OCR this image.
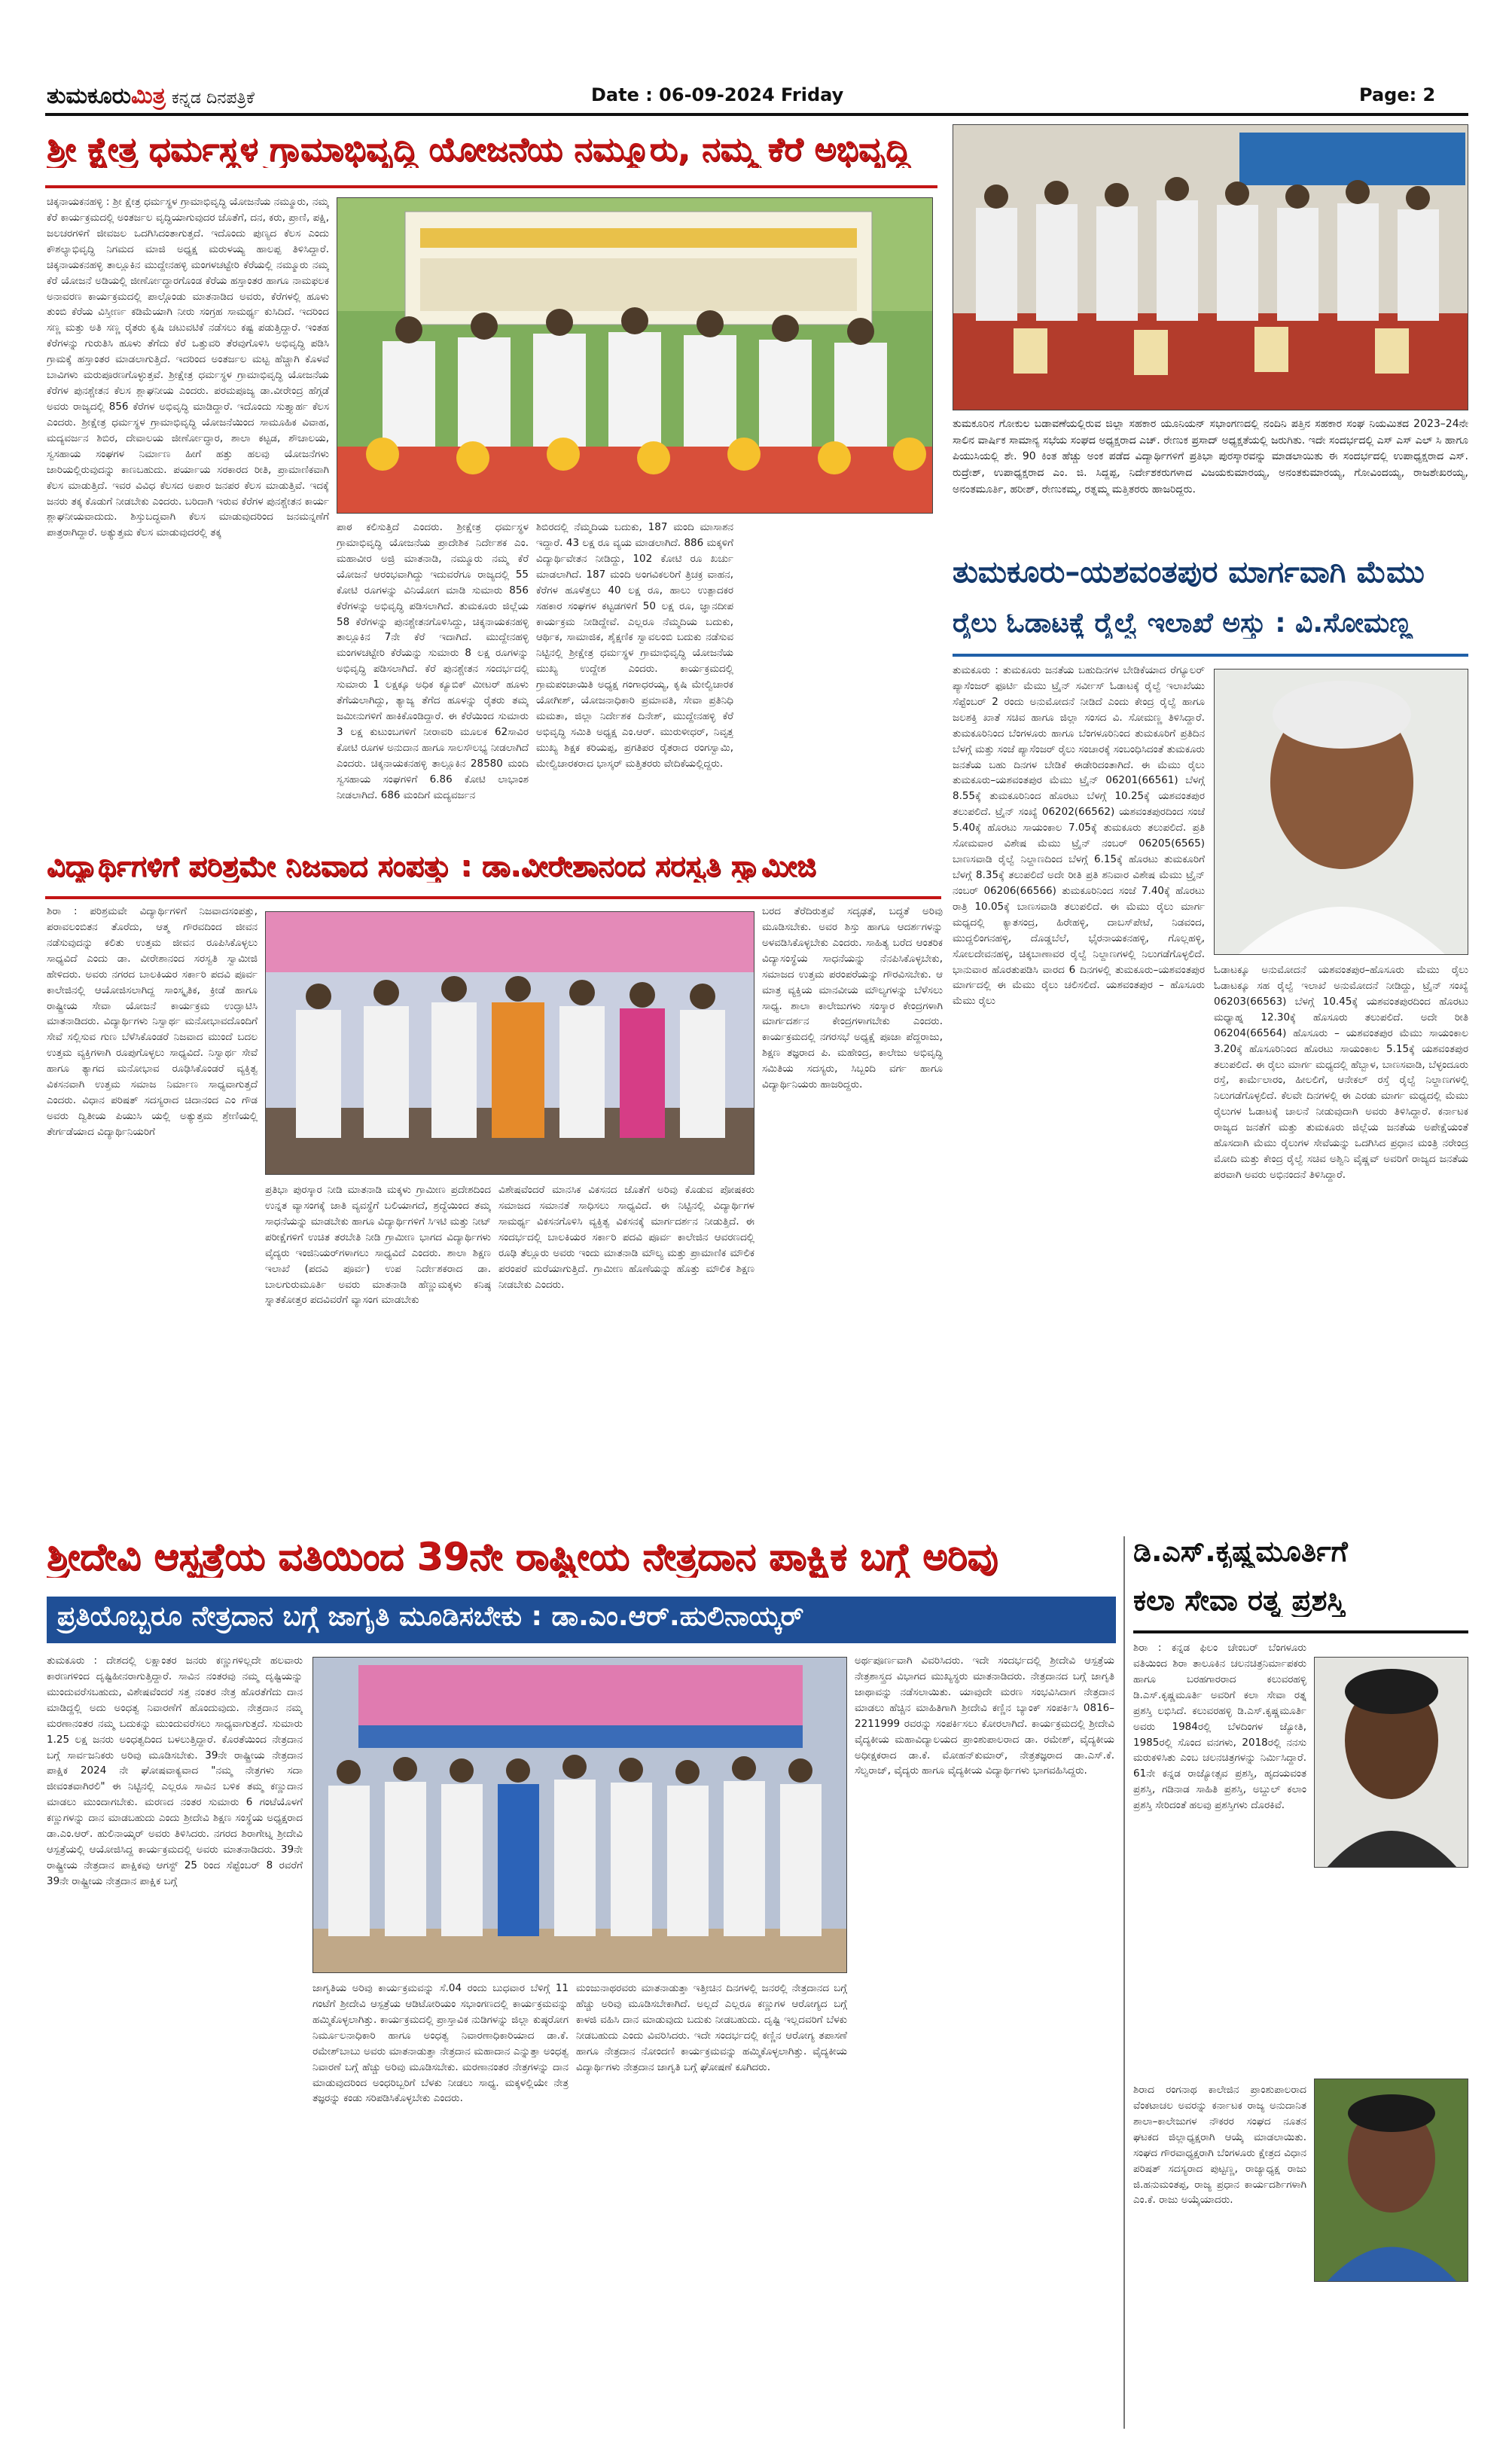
ತುಮಕೂರುಮಿತ್ರ ಕನ್ನಡ ದಿನಪತ್ರಿಕೆ	Date : 06-09-2024 Friday	Page: 2
ಶ್ರೀ ಕ್ಷೇತ್ರ ಧರ್ಮಸ್ಥಳ ಗ್ರಾಮಾಭಿವೃದ್ಧಿ ಯೋಜನೆಯ ನಮ್ಮೂರು, ನಮ್ಮ ಕೆರೆ ಅಭಿವೃದ್ಧಿ
ಚಿಕ್ಕನಾಯಕನಹಳ್ಳಿ : ಶ್ರೀ ಕ್ಷೇತ್ರ ಧರ್ಮಸ್ಥಳ ಗ್ರಾಮಾಭಿವೃದ್ಧಿ ಯೋಜನೆಯ ನಮ್ಮೂರು, ನಮ್ಮ ಕೆರೆ ಕಾರ್ಯಕ್ರಮದಲ್ಲಿ ಅಂತರ್ಜಲ ವೃದ್ಧಿಯಾಗುವುದರ ಜೊತೆಗೆ, ದನ, ಕರು, ಪ್ರಾಣಿ, ಪಕ್ಷಿ, ಜಲಚರಗಳಿಗೆ ಜೀವಜಲ ಒದಗಿಸಿದಂತಾಗುತ್ತದೆ. ಇದೊಂದು ಪುಣ್ಯದ ಕೆಲಸ ಎಂದು ಕೌಶಲ್ಯಾಭಿವೃದ್ಧಿ ನಿಗಮದ ಮಾಜಿ ಅಧ್ಯಕ್ಷ ಮರುಳಯ್ಯ ಹಾಲಪ್ಪ ತಿಳಿಸಿದ್ದಾರೆ. ಚಿಕ್ಕನಾಯಕನಹಳ್ಳಿ ತಾಲ್ಲೂಕಿನ ಮುದ್ದೇನಹಳ್ಳಿ ಮಂಗಳಚಟ್ಟೇರಿ ಕೆರೆಯಲ್ಲಿ ನಮ್ಮೂರು ನಮ್ಮ ಕೆರೆ ಯೋಜನೆ ಅಡಿಯಲ್ಲಿ ಜೀರ್ಣೋದ್ಧಾರಗೊಂಡ ಕೆರೆಯ ಹಸ್ತಾಂತರ ಹಾಗೂ ನಾಮಫಲಕ ಅನಾವರಣ ಕಾರ್ಯಕ್ರಮದಲ್ಲಿ ಪಾಲ್ಗೊಂಡು ಮಾತನಾಡಿದ ಅವರು, ಕೆರೆಗಳಲ್ಲಿ ಹೂಳು ತುಂಬಿ ಕೆರೆಯ ವಿಸ್ತೀರ್ಣ ಕಡಿಮೆಯಾಗಿ ನೀರು ಸಂಗ್ರಹ ಸಾಮರ್ಥ್ಯ ಕುಸಿದಿದೆ. ಇದರಿಂದ ಸಣ್ಣ ಮತ್ತು ಅತಿ ಸಣ್ಣ ರೈತರು ಕೃಷಿ ಚಟುವಟಿಕೆ ನಡೆಸಲು ಕಷ್ಟ ಪಡುತ್ತಿದ್ದಾರೆ. ಇಂತಹ ಕೆರೆಗಳನ್ನು ಗುರುತಿಸಿ ಹೂಳು ತೆಗೆದು ಕೆರೆ ಒತ್ತುವರಿ ತೆರವುಗೊಳಿಸಿ ಅಭಿವೃದ್ಧಿ ಪಡಿಸಿ ಗ್ರಾಮಕ್ಕೆ ಹಸ್ತಾಂತರ ಮಾಡಲಾಗುತ್ತಿದೆ. ಇದರಿಂದ ಅಂತರ್ಜಲ ಮಟ್ಟ ಹೆಚ್ಚಾಗಿ ಕೊಳವೆ ಬಾವಿಗಳು ಮರುಪೂರಣಗೊಳ್ಳುತ್ತವೆ. ಶ್ರೀಕ್ಷೇತ್ರ ಧರ್ಮಸ್ಥಳ ಗ್ರಾಮಾಭಿವೃದ್ಧಿ ಯೋಜನೆಯ ಕೆರೆಗಳ ಪುನಶ್ಚೇತನ ಕೆಲಸ ಶ್ಲಾಘನೀಯ ಎಂದರು. ಪರಮಪೂಜ್ಯ ಡಾ.ವೀರೇಂದ್ರ ಹೆಗ್ಗಡೆ ಅವರು ರಾಜ್ಯದಲ್ಲಿ 856 ಕೆರೆಗಳ ಅಭಿವೃದ್ಧಿ ಮಾಡಿದ್ದಾರೆ. ಇದೊಂದು ಸುತ್ತ್ಯಾರ್ಹ ಕೆಲಸ ಎಂದರು. ಶ್ರೀಕ್ಷೇತ್ರ ಧರ್ಮಸ್ಥಳ ಗ್ರಾಮಾಭಿವೃದ್ಧಿ ಯೋಜನೆಯಿಂದ ಸಾಮೂಹಿಕ ವಿವಾಹ, ಮದ್ಯವರ್ಜನ ಶಿಬಿರ, ದೇವಾಲಯ ಜೀರ್ಣೋದ್ಧಾರ, ಶಾಲಾ ಕಟ್ಟಡ, ಶೌಚಾಲಯ, ಸ್ವಸಹಾಯ ಸಂಘಗಳ ನಿರ್ಮಾಣ ಹೀಗೆ ಹತ್ತು ಹಲವು ಯೋಜನೆಗಳು ಜಾರಿಯಲ್ಲಿರುವುದನ್ನು ಕಾಣಬಹುದು. ಪರ್ಯಾಯ ಸರಕಾರದ ರೀತಿ, ಪ್ರಾಮಾಣಿಕವಾಗಿ ಕೆಲಸ ಮಾಡುತ್ತಿದೆ. ಇವರ ವಿವಿಧ ಕೆಲಸದ ಅಪಾರ ಜನಪರ ಕೆಲಸ ಮಾಡುತ್ತಿವೆ. ಇದಕ್ಕೆ ಜನರು ತಕ್ಕ ಕೊಡುಗೆ ನೀಡಬೇಕು ಎಂದರು. ಬರಿದಾಗಿ ಇರುವ ಕೆರೆಗಳ ಪುನಶ್ಚೇತನ ಕಾರ್ಯ ಶ್ಲಾಘನೀಯವಾದುದು. ಶಿಸ್ತುಬದ್ಧವಾಗಿ ಕೆಲಸ ಮಾಡುವುದರಿಂದ ಜನಮನ್ನಣೆಗೆ ಪಾತ್ರರಾಗಿದ್ದಾರೆ. ಅತ್ಯುತ್ತಮ ಕೆಲಸ ಮಾಡುವುದರಲ್ಲಿ ತಕ್ಕ	ಪಾಠ ಕಲಿಸುತ್ತಿದೆ ಎಂದರು. ಶ್ರೀಕ್ಷೇತ್ರ ಧರ್ಮಸ್ಥಳ ಗ್ರಾಮಾಭಿವೃದ್ಧಿ ಯೋಜನೆಯ ಪ್ರಾದೇಶಿಕ ನಿರ್ದೇಶಕ ಎಂ. ಮಹಾವೀರ ಅಜ್ರಿ ಮಾತನಾಡಿ, ನಮ್ಮೂರು ನಮ್ಮ ಕೆರೆ ಯೋಜನೆ ಆರಂಭವಾಗಿದ್ದು ಇದುವರೆಗೂ ರಾಜ್ಯದಲ್ಲಿ 55 ಕೋಟಿ ರೂಗಳನ್ನು ವಿನಿಯೋಗ ಮಾಡಿ ಸುಮಾರು 856 ಕೆರೆಗಳನ್ನು ಅಭಿವೃದ್ಧಿ ಪಡಿಸಲಾಗಿದೆ. ತುಮಕೂರು ಜಿಲ್ಲೆಯ 58 ಕೆರೆಗಳನ್ನು ಪುನಶ್ಚೇತನಗೊಳಿಸಿದ್ದು, ಚಿಕ್ಕನಾಯಕನಹಳ್ಳಿ ತಾಲ್ಲೂಕಿನ 7ನೇ ಕೆರೆ ಇದಾಗಿದೆ. ಮುದ್ದೇನಹಳ್ಳಿ ಮಂಗಳಚಟ್ಟೇರಿ ಕೆರೆಯನ್ನು ಸುಮಾರು 8 ಲಕ್ಷ ರೂಗಳನ್ನು ಅಭಿವೃದ್ಧಿ ಪಡಿಸಲಾಗಿದೆ. ಕೆರೆ ಪುನಶ್ಚೇತನ ಸಂದರ್ಭದಲ್ಲಿ ಸುಮಾರು 1 ಲಕ್ಷಕ್ಕೂ ಅಧಿಕ ಕ್ಯೂಬಿಕ್ ಮೀಟರ್ ಹೂಳು ತೆಗೆಯಲಾಗಿದ್ದು, ತ್ಯಾಜ್ಯ ತೆಗೆದ ಹೂಳನ್ನು ರೈತರು ತಮ್ಮ ಜಮೀನುಗಳಿಗೆ ಹಾಕಿಕೊಂಡಿದ್ದಾರೆ. ಈ ಕೆರೆಯಿಂದ ಸುಮಾರು 3 ಲಕ್ಷ ಕುಟುಂಬಗಳಿಗೆ ನೀರಾವರಿ ಮೂಲಕ 62ಸಾವಿರ ಕೋಟಿ ರೂಗಳ ಅನುದಾನ ಹಾಗೂ ಸಾಲಸೌಲಭ್ಯ ನೀಡಲಾಗಿದೆ ಎಂದರು. ಚಿಕ್ಕನಾಯಕನಹಳ್ಳಿ ತಾಲ್ಲೂಕಿನ 28580 ಮಂದಿ ಸ್ವಸಹಾಯ ಸಂಘಗಳಿಗೆ 6.86 ಕೋಟಿ ಲಾಭಾಂಶ ನೀಡಲಾಗಿದೆ. 686 ಮಂದಿಗೆ ಮದ್ಯವರ್ಜನ
ಶಿಬಿರದಲ್ಲಿ ನೆಮ್ಮದಿಯ ಬದುಕು, 187 ಮಂದಿ ಮಾಸಾಶನ ಇದ್ದಾರೆ. 43 ಲಕ್ಷ ರೂ ವ್ಯಯ ಮಾಡಲಾಗಿದೆ. 886 ಮಕ್ಕಳಿಗೆ ವಿದ್ಯಾರ್ಥಿವೇತನ ನೀಡಿದ್ದು, 102 ಕೋಟಿ ರೂ ಖರ್ಚು ಮಾಡಲಾಗಿದೆ. 187 ಮಂದಿ ಅಂಗವಿಕಲರಿಗೆ ತ್ರಿಚಕ್ರ ವಾಹನ, ಕೆರೆಗಳ ಹೂಳೆತ್ತಲು 40 ಲಕ್ಷ ರೂ, ಹಾಲು ಉತ್ಪಾದಕರ ಸಹಕಾರ ಸಂಘಗಳ ಕಟ್ಟಡಗಳಿಗೆ 50 ಲಕ್ಷ ರೂ, ಜ್ಞಾನದೀಪ ಕಾರ್ಯಕ್ರಮ ನೀಡಿದ್ದೇವೆ. ಎಲ್ಲರೂ ನೆಮ್ಮದಿಯ ಬದುಕು, ಆರ್ಥಿಕ, ಸಾಮಾಜಿಕ, ಶೈಕ್ಷಣಿಕ ಸ್ವಾವಲಂಬಿ ಬದುಕು ನಡೆಸುವ ನಿಟ್ಟಿನಲ್ಲಿ ಶ್ರೀಕ್ಷೇತ್ರ ಧರ್ಮಸ್ಥಳ ಗ್ರಾಮಾಭಿವೃದ್ಧಿ ಯೋಜನೆಯ ಮುಖ್ಯ ಉದ್ದೇಶ ಎಂದರು. ಕಾರ್ಯಕ್ರಮದಲ್ಲಿ ಗ್ರಾಮಪಂಚಾಯಿತಿ ಅಧ್ಯಕ್ಷ ಗಂಗಾಧರಯ್ಯ, ಕೃಷಿ ಮೇಲ್ವಿಚಾರಕ ಯೋಗೀಶ್, ಯೋಜನಾಧಿಕಾರಿ ಪ್ರಮಾವತಿ, ಸೇವಾ ಪ್ರತಿನಿಧಿ ಮಮತಾ, ಜಿಲ್ಲಾ ನಿರ್ದೇಶಕ ದಿನೇಶ್, ಮುದ್ದೇನಹಳ್ಳಿ ಕೆರೆ ಅಭಿವೃದ್ಧಿ ಸಮಿತಿ ಅಧ್ಯಕ್ಷ ಎಂ.ಆರ್. ಮುರುಳೀಧರ್, ನಿವೃತ್ತ ಮುಖ್ಯ ಶಿಕ್ಷಕ ಕರಿಯಪ್ಪ, ಪ್ರಗತಿಪರ ರೈತರಾದ ರಂಗಸ್ವಾಮಿ, ಮೇಲ್ವಿಚಾರಕರಾದ ಭಾಸ್ಕರ್ ಮತ್ತಿತರರು ವೇದಿಕೆಯಲ್ಲಿದ್ದರು.
ತುಮಕೂರಿನ ಗೋಕುಲ ಬಡಾವಣೆಯಲ್ಲಿರುವ ಜಿಲ್ಲಾ ಸಹಕಾರ ಯೂನಿಯನ್ ಸಭಾಂಗಣದಲ್ಲಿ ನಂದಿನಿ ಪತ್ತಿನ ಸಹಕಾರ ಸಂಘ ನಿಯಮಿತದ 2023–24ನೇ ಸಾಲಿನ ವಾರ್ಷಿಕ ಸಾಮಾನ್ಯ ಸಭೆಯ ಸಂಘದ ಅಧ್ಯಕ್ಷರಾದ ಎಚ್. ರೇಣುಕ ಪ್ರಸಾದ್ ಅಧ್ಯಕ್ಷತೆಯಲ್ಲಿ ಜರುಗಿತು. ಇದೇ ಸಂದರ್ಭದಲ್ಲಿ ಎಸ್ ಎಸ್ ಎಲ್ ಸಿ ಹಾಗೂ ಪಿಯುಸಿಯಲ್ಲಿ ಶೇ. 90 ಕಿಂತ ಹೆಚ್ಚು ಅಂಕ ಪಡೆದ ವಿದ್ಯಾರ್ಥಿಗಳಿಗೆ ಪ್ರತಿಭಾ ಪುರಸ್ಕಾರವನ್ನು ಮಾಡಲಾಯಿತು ಈ ಸಂದರ್ಭದಲ್ಲಿ ಉಪಾಧ್ಯಕ್ಷರಾದ ಎಸ್. ರುದ್ರೇಶ್, ಉಪಾಧ್ಯಕ್ಷರಾದ ಎಂ. ಜಿ. ಸಿದ್ದಪ್ಪ, ನಿರ್ದೇಶಕರುಗಳಾದ ವಿಜಯಕುಮಾರಯ್ಯ, ಅನಂತಕುಮಾರಯ್ಯ, ಗೋವಿಂದಯ್ಯ, ರಾಜಶೇಖರಯ್ಯ, ಅನಂತಮೂರ್ತಿ, ಹರೀಶ್, ರೇಣುಕಮ್ಮ, ರತ್ನಮ್ಮ ಮತ್ತಿತರರು ಹಾಜರಿದ್ದರು.
ತುಮಕೂರು–ಯಶವಂತಪುರ ಮಾರ್ಗವಾಗಿ ಮೆಮು
ರೈಲು ಓಡಾಟಕ್ಕೆ ರೈಲ್ವೆ ಇಲಾಖೆ ಅಸ್ತು : ವಿ.ಸೋಮಣ್ಣ
ತುಮಕೂರು : ತುಮಕೂರು ಜನತೆಯ ಬಹುದಿನಗಳ ಬೇಡಿಕೆಯಾದ ರೆಗ್ಯೂಲರ್ ಪ್ಯಾಸೆಂಜರ್ ಫೂರ್ಟಿ ಮೆಮು ಟ್ರೈನ್ ಸರ್ವೀಸ್ ಓಡಾಟಕ್ಕೆ ರೈಲ್ವೆ ಇಲಾಖೆಯು ಸೆಪ್ಟೆಂಬರ್ 2 ರಂದು ಅನುಮೋದನೆ ನೀಡಿದೆ ಎಂದು ಕೇಂದ್ರ ರೈಲ್ವೆ ಹಾಗೂ ಜಲಶಕ್ತಿ ಖಾತೆ ಸಚಿವ ಹಾಗೂ ಜಿಲ್ಲಾ ಸಂಸದ ವಿ. ಸೋಮಣ್ಣ ತಿಳಿಸಿದ್ದಾರೆ. ತುಮಕೂರಿನಿಂದ ಬೆಂಗಳೂರು ಹಾಗೂ ಬೆಂಗಳೂರಿನಿಂದ ತುಮಕೂರಿಗೆ ಪ್ರತಿದಿನ ಬೆಳಗ್ಗೆ ಮತ್ತು ಸಂಜೆ ಪ್ಯಾಸೆಂಜರ್ ರೈಲು ಸಂಚಾರಕ್ಕೆ ಸಂಬಂಧಿಸಿದಂತೆ ತುಮಕೂರು ಜನತೆಯ ಬಹು ದಿನಗಳ ಬೇಡಿಕೆ ಈಡೇರಿದಂತಾಗಿದೆ. ಈ ಮೆಮು ರೈಲು ತುಮಕೂರು–ಯಶವಂತಪುರ ಮೆಮು ಟ್ರೈನ್ 06201(66561) ಬೆಳಗ್ಗೆ 8.55ಕ್ಕೆ ತುಮಕೂರಿನಿಂದ ಹೊರಟು ಬೆಳಗ್ಗೆ 10.25ಕ್ಕೆ ಯಶವಂತಪುರ ತಲುಪಲಿದೆ. ಟ್ರೈನ್ ಸಂಖ್ಯೆ 06202(66562) ಯಶವಂತಪುರದಿಂದ ಸಂಜೆ 5.40ಕ್ಕೆ ಹೊರಟು ಸಾಯಂಕಾಲ 7.05ಕ್ಕೆ ತುಮಕೂರು ತಲುಪಲಿದೆ. ಪ್ರತಿ ಸೋಮವಾರ ವಿಶೇಷ ಮೆಮು ಟ್ರೈನ್ ನಂಬರ್ 06205(6565) ಬಾಣಸವಾಡಿ ರೈಲ್ವೆ ನಿಲ್ದಾಣದಿಂದ ಬೆಳಗ್ಗೆ 6.15ಕ್ಕೆ ಹೊರಟು ತುಮಕೂರಿಗೆ ಬೆಳಗ್ಗೆ 8.35ಕ್ಕೆ ತಲುಪಲಿದೆ ಅದೇ ರೀತಿ ಪ್ರತಿ ಶನಿವಾರ ವಿಶೇಷ ಮೆಮು ಟ್ರೈನ್ ನಂಬರ್ 06206(66566) ತುಮಕೂರಿನಿಂದ ಸಂಜೆ 7.40ಕ್ಕೆ ಹೊರಟು ರಾತ್ರಿ 10.05ಕ್ಕೆ ಬಾಣಸವಾಡಿ ತಲುಪಲಿದೆ. ಈ ಮೆಮು ರೈಲು ಮಾರ್ಗ ಮಧ್ಯದಲ್ಲಿ ಕ್ಯಾತಸಂದ್ರ, ಹಿರೇಹಳ್ಳಿ, ದಾಬಸ್‌ಪೇಟೆ, ನಿಡವಂದ, ಮುದ್ದಲಿಂಗನಹಳ್ಳಿ, ದೊಡ್ಡಬೆಲೆ, ಭೈರನಾಯಕನಹಳ್ಳಿ, ಗೊಲ್ಲಹಳ್ಳಿ, ಸೋಲದೇವನಹಳ್ಳಿ, ಚಿಕ್ಕಬಾಣಾವರ ರೈಲ್ವೆ ನಿಲ್ದಾಣಗಳಲ್ಲಿ ನಿಲುಗಡೆಗೊಳ್ಳಲಿದೆ. ಭಾನುವಾರ ಹೊರತುಪಡಿಸಿ ವಾರದ 6 ದಿನಗಳಲ್ಲಿ ತುಮಕೂರು–ಯಶವಂತಪುರ ಮಾರ್ಗದಲ್ಲಿ ಈ ಮೆಮು ರೈಲು ಚಲಿಸಲಿದೆ. ಯಶವಂತಪುರ – ಹೊಸೂರು ಮೆಮು ರೈಲು
ಓಡಾಟಕ್ಕೂ ಅನುಮೋದನೆ ಯಶವಂತಪುರ–ಹೊಸೂರು ಮೆಮು ರೈಲು ಓಡಾಟಕ್ಕೂ ಸಹ ರೈಲ್ವೆ ಇಲಾಖೆ ಅನುಮೋದನೆ ನೀಡಿದ್ದು, ಟ್ರೈನ್ ಸಂಖ್ಯೆ 06203(66563) ಬೆಳಗ್ಗೆ 10.45ಕ್ಕೆ ಯಶವಂತಪುರದಿಂದ ಹೊರಟು ಮಧ್ಯಾಹ್ನ 12.30ಕ್ಕೆ ಹೊಸೂರು ತಲುಪಲಿದೆ. ಅದೇ ರೀತಿ 06204(66564) ಹೊಸೂರು – ಯಶವಂತಪುರ ಮೆಮು ಸಾಯಂಕಾಲ 3.20ಕ್ಕೆ ಹೊಸೂರಿನಿಂದ ಹೊರಟು ಸಾಯಂಕಾಲ 5.15ಕ್ಕೆ ಯಶವಂತಪುರ ತಲುಪಲಿದೆ. ಈ ರೈಲು ಮಾರ್ಗ ಮಧ್ಯದಲ್ಲಿ ಹೆಬ್ಬಾಳ, ಬಾಣಸವಾಡಿ, ಬೆಳ್ಳಂದೂರು ರಸ್ತೆ, ಕಾರ್ಮೆಲಾರಂ, ಹೀಲಲಿಗೆ, ಆನೇಕಲ್ ರಸ್ತೆ ರೈಲ್ವೆ ನಿಲ್ದಾಣಗಳಲ್ಲಿ ನಿಲುಗಡೆಗೊಳ್ಳಲಿದೆ. ಕೆಲವೇ ದಿನಗಳಲ್ಲಿ ಈ ಎರಡು ಮಾರ್ಗ ಮಧ್ಯದಲ್ಲಿ ಮೆಮು ರೈಲುಗಳ ಓಡಾಟಕ್ಕೆ ಚಾಲನೆ ನೀಡುವುದಾಗಿ ಅವರು ತಿಳಿಸಿದ್ದಾರೆ. ಕರ್ನಾಟಕ ರಾಜ್ಯದ ಜನತೆಗೆ ಮತ್ತು ತುಮಕೂರು ಜಿಲ್ಲೆಯ ಜನತೆಯ ಅಪೇಕ್ಷೆಯಂತೆ ಹೊಸದಾಗಿ ಮೆಮು ರೈಲುಗಳ ಸೇವೆಯನ್ನು ಒದಗಿಸಿದ ಪ್ರಧಾನ ಮಂತ್ರಿ ನರೇಂದ್ರ ಮೋದಿ ಮತ್ತು ಕೇಂದ್ರ ರೈಲ್ವೆ ಸಚಿವ ಅಶ್ವಿನಿ ವೈಷ್ಣವ್ ಅವರಿಗೆ ರಾಜ್ಯದ ಜನತೆಯ ಪರವಾಗಿ ಅವರು ಅಭಿನಂದನೆ ತಿಳಿಸಿದ್ದಾರೆ.
ವಿದ್ಯಾರ್ಥಿಗಳಿಗೆ ಪರಿಶ್ರಮೇ ನಿಜವಾದ ಸಂಪತ್ತು : ಡಾ.ವೀರೇಶಾನಂದ ಸರಸ್ವತಿ ಸ್ವಾಮೀಜಿ
ಶಿರಾ : ಪರಿಶ್ರಮವೇ ವಿದ್ಯಾರ್ಥಿಗಳಿಗೆ ನಿಜವಾದಸಂಪತ್ತು, ಪರಾವಲಂಬಿತನ ತೊರೆದು, ಆತ್ಮ ಗೌರವದಿಂದ ಜೀವನ ನಡೆಸುವುದನ್ನು ಕಲಿತು ಉತ್ತಮ ಜೀವನ ರೂಪಿಸಿಕೊಳ್ಳಲು ಸಾಧ್ಯವಿದೆ ಎಂದು ಡಾ. ವೀರೇಶಾನಂದ ಸರಸ್ವತಿ ಸ್ವಾಮೀಜಿ ಹೇಳಿದರು. ಅವರು ನಗರದ ಬಾಲಕಿಯರ ಸರ್ಕಾರಿ ಪದವಿ ಪೂರ್ವ ಕಾಲೇಜಿನಲ್ಲಿ ಆಯೋಜಿಸಲಾಗಿದ್ದ ಸಾಂಸ್ಕೃತಿಕ, ಕ್ರೀಡೆ ಹಾಗೂ ರಾಷ್ಟ್ರೀಯ ಸೇವಾ ಯೋಜನೆ ಕಾರ್ಯಕ್ರಮ ಉದ್ಘಾಟಿಸಿ ಮಾತನಾಡಿದರು. ವಿದ್ಯಾರ್ಥಿಗಳು ನಿಸ್ವಾರ್ಥ ಮನೋಭಾವದೊಂದಿಗೆ ಸೇವೆ ಸಲ್ಲಿಸುವ ಗುಣ ಬೆಳೆಸಿಕೊಂಡರೆ ನಿಜವಾದ ಮುಂದೆ ಬದಲ ಉತ್ತಮ ವ್ಯಕ್ತಿಗಳಾಗಿ ರೂಪುಗೊಳ್ಳಲು ಸಾಧ್ಯವಿದೆ. ನಿಸ್ವಾರ್ಥ ಸೇವೆ ಹಾಗೂ ತ್ಯಾಗದ ಮನೋಭಾವ ರೂಢಿಸಿಕೊಂಡರೆ ವ್ಯಕ್ತಿತ್ವ ವಿಕಸನವಾಗಿ ಉತ್ತಮ ಸಮಾಜ ನಿರ್ಮಾಣ ಸಾಧ್ಯವಾಗುತ್ತದೆ ಎಂದರು. ವಿಧಾನ ಪರಿಷತ್ ಸದಸ್ಯರಾದ ಚಿದಾನಂದ ಎಂ ಗೌಡ ಅವರು ದ್ವಿತೀಯ ಪಿಯುಸಿ ಯಲ್ಲಿ ಅತ್ಯುತ್ತಮ ಶ್ರೇಣಿಯಲ್ಲಿ ತೇರ್ಗಡೆಯಾದ ವಿದ್ಯಾರ್ಥಿನಿಯರಿಗೆ
ಪ್ರತಿಭಾ ಪುರಸ್ಕಾರ ನೀಡಿ ಮಾತನಾಡಿ ಮಕ್ಕಳು ಗ್ರಾಮೀಣ ಪ್ರದೇಶದಿಂದ ಉನ್ನತ ವ್ಯಾಸಂಗಕ್ಕೆ ಜಾತಿ ವ್ಯವಸ್ಥೆಗೆ ಬಲಿಯಾಗದೆ, ಶ್ರದ್ಧೆಯಿಂದ ತಮ್ಮ ಸಾಧನೆಯನ್ನು ಮಾಡಬೇಕು ಹಾಗೂ ವಿದ್ಯಾರ್ಥಿಗಳಿಗೆ ಸಿಇಟಿ ಮತ್ತು ನೀಟ್ ಪರೀಕ್ಷೆಗಳಿಗೆ ಉಚಿತ ತರಬೇತಿ ನೀಡಿ ಗ್ರಾಮೀಣ ಭಾಗದ ವಿದ್ಯಾರ್ಥಿಗಳು ವೈದ್ಯರು ಇಂಜಿನಿಯರ್‌ಗಳಾಗಲು ಸಾಧ್ಯವಿದೆ ಎಂದರು. ಶಾಲಾ ಶಿಕ್ಷಣ ಇಲಾಖೆ (ಪದವಿ ಪೂರ್ವ) ಉಪ ನಿರ್ದೇಶಕರಾದ ಡಾ. ಬಾಲಗುರುಮೂರ್ತಿ ಅವರು ಮಾತನಾಡಿ ಹೆಣ್ಣುಮಕ್ಕಳು ಕನಿಷ್ಠ ಸ್ನಾತಕೋತ್ತರ ಪದವಿವರೆಗೆ ವ್ಯಾಸಂಗ ಮಾಡಬೇಕು
ವಿಶೇಷವೆಂದರೆ ಮಾನಸಿಕ ವಿಕಸನದ ಜೊತೆಗೆ ಅರಿವು ಕೊಡುವ ಪೋಷಕರು ಸಮಾಜದ ಸಮಾನತೆ ಸಾಧಿಸಲು ಸಾಧ್ಯವಿದೆ. ಈ ನಿಟ್ಟಿನಲ್ಲಿ ವಿದ್ಯಾರ್ಥಿಗಳ ಸಾಮರ್ಥ್ಯ ವಿಕಸನಗೊಳಿಸಿ ವ್ಯಕ್ತಿತ್ವ ವಿಕಸನಕ್ಕೆ ಮಾರ್ಗದರ್ಶನ ನೀಡುತ್ತಿದೆ. ಈ ಸಂದರ್ಭದಲ್ಲಿ ಬಾಲಕಿಯರ ಸರ್ಕಾರಿ ಪದವಿ ಪೂರ್ವ ಕಾಲೇಜಿನ ಆವರಣದಲ್ಲಿ ರೂಢಿ ತೆಲ್ಲೂರು ಅವರು ಇಂದು ಮಾತನಾಡಿ ಮೌಲ್ಯ ಮತ್ತು ಪ್ರಾಮಾಣಿಕ ಮೌಲಿಕ ಪರಂಪರೆ ಮರೆಯಾಗುತ್ತಿದೆ. ಗ್ರಾಮೀಣ ಹೊಣೆಯನ್ನು ಹೊತ್ತು ಮೌಲಿಕ ಶಿಕ್ಷಣ ನೀಡಬೇಕು ಎಂದರು.
ಬರದ ತೆರೆದಿರುತ್ತವೆ ಸದೃಢತೆ, ಬದ್ಧತೆ ಅರಿವು ಮೂಡಿಸಬೇಕು. ಅವರ ಶಿಸ್ತು ಹಾಗೂ ಆದರ್ಶಗಳನ್ನು ಅಳವಡಿಸಿಕೊಳ್ಳಬೇಕು ಎಂದರು. ಸಾಹಿತ್ಯ ಬರೆದ ಆಂತರಿಕ ವಿದ್ಯಾಸಂಸ್ಥೆಯ ಸಾಧನೆಯನ್ನು ನೆನಪಿಸಿಕೊಳ್ಳಬೇಕು, ಸಮಾಜದ ಉತ್ತಮ ಪರಂಪರೆಯನ್ನು ಗೌರವಿಸಬೇಕು. ಆ ಮಾತ್ರ ವ್ಯಕ್ತಿಯ ಮಾನವೀಯ ಮೌಲ್ಯಗಳನ್ನು ಬೆಳೆಸಲು ಸಾಧ್ಯ. ಶಾಲಾ ಕಾಲೇಜುಗಳು ಸಂಸ್ಕಾರ ಕೇಂದ್ರಗಳಾಗಿ ಮಾರ್ಗದರ್ಶನ ಕೇಂದ್ರಗಳಾಗಬೇಕು ಎಂದರು. ಕಾರ್ಯಕ್ರಮದಲ್ಲಿ ನಗರಸಭೆ ಅಧ್ಯಕ್ಷೆ ಪೂಜಾ ಪೆದ್ದರಾಜು, ಶಿಕ್ಷಣ ತಜ್ಞರಾದ ಪಿ. ಮಹೇಂದ್ರ, ಕಾಲೇಜು ಅಭಿವೃದ್ಧಿ ಸಮಿತಿಯ ಸದಸ್ಯರು, ಸಿಬ್ಬಂದಿ ವರ್ಗ ಹಾಗೂ ವಿದ್ಯಾರ್ಥಿನಿಯರು ಹಾಜರಿದ್ದರು.
ಶ್ರೀದೇವಿ ಆಸ್ಪತ್ರೆಯ ವತಿಯಿಂದ 39ನೇ ರಾಷ್ಟ್ರೀಯ ನೇತ್ರದಾನ ಪಾಕ್ಷಿಕ ಬಗ್ಗೆ ಅರಿವು
ಪ್ರತಿಯೊಬ್ಬರೂ ನೇತ್ರದಾನ ಬಗ್ಗೆ ಜಾಗೃತಿ ಮೂಡಿಸಬೇಕು : ಡಾ.ಎಂ.ಆರ್.ಹುಲಿನಾಯ್ಕರ್
ತುಮಕೂರು : ದೇಶದಲ್ಲಿ ಲಕ್ಷಾಂತರ ಜನರು ಕಣ್ಣುಗಳಿಲ್ಲದೇ ಹಲವಾರು ಕಾರಣಗಳಿಂದ ದೃಷ್ಟಿಹೀನರಾಗುತ್ತಿದ್ದಾರೆ. ಸಾವಿನ ನಂತರವು ನಮ್ಮ ದೃಷ್ಟಿಯನ್ನು ಮುಂದುವರೆಸಬಹುದು, ವಿಶೇಷವೆಂದರೆ ಸತ್ತ ನಂತರ ನೇತ್ರ ಹೊರತೆಗೆದು ದಾನ ಮಾಡಿದ್ದಲ್ಲಿ ಅದು ಅಂಧತ್ವ ನಿವಾರಣೆಗೆ ಹೊಂದುವುದು. ನೇತ್ರದಾನ ನಮ್ಮ ಮರಣಾನಂತರ ನಮ್ಮ ಬದುಕನ್ನು ಮುಂದುವರೆಸಲು ಸಾಧ್ಯವಾಗುತ್ತದೆ. ಸುಮಾರು 1.25 ಲಕ್ಷ ಜನರು ಅಂಧತ್ವದಿಂದ ಬಳಲುತ್ತಿದ್ದಾರೆ. ಕೊರತೆಯಿಂದ ನೇತ್ರದಾನ ಬಗ್ಗೆ ಸಾರ್ವಜನಿಕರು ಅರಿವು ಮೂಡಿಸಬೇಕು. 39ನೇ ರಾಷ್ಟ್ರೀಯ ನೇತ್ರದಾನ ಪಾಕ್ಷಿಕ 2024 ನೇ ಘೋಷವಾಕ್ಯವಾದ "ನಮ್ಮ ನೇತ್ರಗಳು ಸದಾ ಜೀವಂತವಾಗಿರಲಿ" ಈ ನಿಟ್ಟಿನಲ್ಲಿ ಎಲ್ಲರೂ ಸಾವಿನ ಬಳಿಕ ತಮ್ಮ ಕಣ್ಣುದಾನ ಮಾಡಲು ಮುಂದಾಗಬೇಕು. ಮರಣದ ನಂತರ ಸುಮಾರು 6 ಗಂಟೆಯೊಳಗೆ ಕಣ್ಣುಗಳನ್ನು ದಾನ ಮಾಡಬಹುದು ಎಂದು ಶ್ರೀದೇವಿ ಶಿಕ್ಷಣ ಸಂಸ್ಥೆಯ ಅಧ್ಯಕ್ಷರಾದ ಡಾ.ಎಂ.ಆರ್. ಹುಲಿನಾಯ್ಕರ್ ಅವರು ತಿಳಿಸಿದರು. ನಗರದ ಶಿರಾಗೇಟ್ನ ಶ್ರೀದೇವಿ ಆಸ್ಪತ್ರೆಯಲ್ಲಿ ಆಯೋಜಿಸಿದ್ದ ಕಾರ್ಯಕ್ರಮದಲ್ಲಿ ಅವರು ಮಾತನಾಡಿದರು. 39ನೇ ರಾಷ್ಟ್ರೀಯ ನೇತ್ರದಾನ ಪಾಕ್ಷಿಕವು ಆಗಸ್ಟ್ 25 ರಿಂದ ಸೆಪ್ಟೆಂಬರ್ 8 ರವರೆಗೆ 39ನೇ ರಾಷ್ಟ್ರೀಯ ನೇತ್ರದಾನ ಪಾಕ್ಷಿಕ ಬಗ್ಗೆ
ಜಾಗೃತಿಯ ಅರಿವು ಕಾರ್ಯಕ್ರಮವನ್ನು ಸೆ.04 ರಂದು ಬುಧವಾರ ಬೆಳಿಗ್ಗೆ 11 ಗಂಟೆಗೆ ಶ್ರೀದೇವಿ ಆಸ್ಪತ್ರೆಯ ಆಡಿಟೋರಿಯಂ ಸಭಾಂಗಣದಲ್ಲಿ ಕಾರ್ಯಕ್ರಮವನ್ನು ಹಮ್ಮಿಕೊಳ್ಳಲಾಗಿತ್ತು. ಕಾರ್ಯಕ್ರಮದಲ್ಲಿ ಪ್ರಾಸ್ತಾವಿಕ ನುಡಿಗಳನ್ನು ಜಿಲ್ಲಾ ಕುಷ್ಠರೋಗ ನಿರ್ಮೂಲನಾಧಿಕಾರಿ ಹಾಗೂ ಅಂಧತ್ವ ನಿವಾರಣಾಧಿಕಾರಿಯಾದ ಡಾ.ಕೆ. ರಮೇಶ್‌ಬಾಬು ಅವರು ಮಾತನಾಡುತ್ತಾ ನೇತ್ರದಾನ ಮಹಾದಾನ ಎನ್ನುತ್ತಾ ಅಂಧತ್ವ ನಿವಾರಣೆ ಬಗ್ಗೆ ಹೆಚ್ಚು ಅರಿವು ಮೂಡಿಸಬೇಕು. ಮರಣಾನಂತರ ನೇತ್ರಗಳನ್ನು ದಾನ ಮಾಡುವುದರಿಂದ ಅಂಧರಿಬ್ಬರಿಗೆ ಬೆಳಕು ನೀಡಲು ಸಾಧ್ಯ. ಮಕ್ಕಳಲ್ಲಿಯೇ ನೇತ್ರ ತಜ್ಞರನ್ನು ಕಂಡು ಸರಿಪಡಿಸಿಕೊಳ್ಳಬೇಕು ಎಂದರು.
ಮಂಜುನಾಥರವರು ಮಾತನಾಡುತ್ತಾ ಇತ್ತೀಚಿನ ದಿನಗಳಲ್ಲಿ ಜನರಲ್ಲಿ ನೇತ್ರದಾನದ ಬಗ್ಗೆ ಹೆಚ್ಚು ಅರಿವು ಮೂಡಿಸಬೇಕಾಗಿದೆ. ಅಲ್ಲದೆ ಎಲ್ಲರೂ ಕಣ್ಣುಗಳ ಆರೋಗ್ಯದ ಬಗ್ಗೆ ಕಾಳಜಿ ವಹಿಸಿ ದಾನ ಮಾಡುವುದು ಬದುಕು ನೀಡಬಹುದು. ದೃಷ್ಟಿ ಇಲ್ಲದವರಿಗೆ ಬೆಳಕು ನೀಡಬಹುದು ಎಂದು ವಿವರಿಸಿದರು. ಇದೇ ಸಂದರ್ಭದಲ್ಲಿ ಕಣ್ಣಿನ ಆರೋಗ್ಯ ತಪಾಸಣೆ ಹಾಗೂ ನೇತ್ರದಾನ ನೋಂದಣಿ ಕಾರ್ಯಕ್ರಮವನ್ನು ಹಮ್ಮಿಕೊಳ್ಳಲಾಗಿತ್ತು. ವೈದ್ಯಕೀಯ ವಿದ್ಯಾರ್ಥಿಗಳು ನೇತ್ರದಾನ ಜಾಗೃತಿ ಬಗ್ಗೆ ಘೋಷಣೆ ಕೂಗಿದರು.
ಅರ್ಥಪೂರ್ಣವಾಗಿ ವಿವರಿಸಿದರು. ಇದೇ ಸಂದರ್ಭದಲ್ಲಿ ಶ್ರೀದೇವಿ ಆಸ್ಪತ್ರೆಯ ನೇತ್ರಶಾಸ್ತ್ರದ ವಿಭಾಗದ ಮುಖ್ಯಸ್ಥರು ಮಾತನಾಡಿದರು. ನೇತ್ರದಾನದ ಬಗ್ಗೆ ಜಾಗೃತಿ ಜಾಥಾವನ್ನು ನಡೆಸಲಾಯಿತು. ಯಾವುದೇ ಮರಣ ಸಂಭವಿಸಿದಾಗ ನೇತ್ರದಾನ ಮಾಡಲು ಹೆಚ್ಚಿನ ಮಾಹಿತಿಗಾಗಿ ಶ್ರೀದೇವಿ ಕಣ್ಣಿನ ಬ್ಯಾಂಕ್ ಸಂಪರ್ಕಿಸಿ 0816–2211999 ರವರನ್ನು ಸಂಪರ್ಕಿಸಲು ಕೋರಲಾಗಿದೆ. ಕಾರ್ಯಕ್ರಮದಲ್ಲಿ ಶ್ರೀದೇವಿ ವೈದ್ಯಕೀಯ ಮಹಾವಿದ್ಯಾಲಯದ ಪ್ರಾಂಶುಪಾಲರಾದ ಡಾ. ರಮೇಶ್, ವೈದ್ಯಕೀಯ ಅಧೀಕ್ಷಕರಾದ ಡಾ.ಕೆ. ಮೋಹನ್‌ಕುಮಾರ್, ನೇತ್ರತಜ್ಞರಾದ ಡಾ.ಎಸ್.ಕೆ. ಸೆಲ್ವರಾಜ್, ವೈದ್ಯರು ಹಾಗೂ ವೈದ್ಯಕೀಯ ವಿದ್ಯಾರ್ಥಿಗಳು ಭಾಗವಹಿಸಿದ್ದರು.
ಡಿ.ಎಸ್.ಕೃಷ್ಣಮೂರ್ತಿಗೆ
ಕಲಾ ಸೇವಾ ರತ್ನ ಪ್ರಶಸ್ತಿ
ಶಿರಾ : ಕನ್ನಡ ಫಿಲಂ ಚೇಂಬರ್ ಬೆಂಗಳೂರು ವತಿಯಿಂದ ಶಿರಾ ತಾಲೂಕಿನ ಚಲನಚಿತ್ರನಿರ್ಮಾಪಕರು ಹಾಗೂ ಬರಹಗಾರರಾದ ಕಲುವರಹಳ್ಳಿ ಡಿ.ಎಸ್.ಕೃಷ್ಣಮೂರ್ತಿ ಅವರಿಗೆ ಕಲಾ ಸೇವಾ ರತ್ನ ಪ್ರಶಸ್ತಿ ಲಭಿಸಿದೆ. ಕಲುವರಹಳ್ಳಿ ಡಿ.ಎಸ್.ಕೃಷ್ಣಮೂರ್ತಿ ಅವರು 1984ರಲ್ಲಿ ಬೆಳದಿಂಗಳ ಜ್ಯೋತಿ, 1985ರಲ್ಲಿ ಸೊಂದ ವನಗಳು, 2018ರಲ್ಲಿ ನನಸು ಮರುಕಳಿಸಿತು ಎಂಬ ಚಲನಚಿತ್ರಗಳನ್ನು ನಿರ್ಮಿಸಿದ್ದಾರೆ. 61ನೇ ಕನ್ನಡ ರಾಜ್ಯೋತ್ಸವ ಪ್ರಶಸ್ತಿ, ಹೃದಯವಂತ ಪ್ರಶಸ್ತಿ, ಗಡಿನಾಡ ಸಾಹಿತಿ ಪ್ರಶಸ್ತಿ, ಅಬ್ದುಲ್ ಕಲಾಂ ಪ್ರಶಸ್ತಿ ಸೇರಿದಂತೆ ಹಲವು ಪ್ರಶಸ್ತಿಗಳು ದೊರಕಿವೆ.
ಶಿರಾದ ರಂಗನಾಥ ಕಾಲೇಜಿನ ಪ್ರಾಂಶುಪಾಲರಾದ ವೆಂಕಟಾಚಲ ಅವರನ್ನು ಕರ್ನಾಟಕ ರಾಜ್ಯ ಅನುದಾನಿತ ಶಾಲಾ–ಕಾಲೇಜುಗಳ ನೌಕರರ ಸಂಘದ ನೂತನ ಘಟಕದ ಜಿಲ್ಲಾಧ್ಯಕ್ಷರಾಗಿ ಆಯ್ಕೆ ಮಾಡಲಾಯಿತು. ಸಂಘದ ಗೌರವಾಧ್ಯಕ್ಷರಾಗಿ ಬೆಂಗಳೂರು ಕ್ಷೇತ್ರದ ವಿಧಾನ ಪರಿಷತ್ ಸದಸ್ಯರಾದ ಪುಟ್ಟಣ್ಣ, ರಾಜ್ಯಾಧ್ಯಕ್ಷ ರಾಜು ಜಿ.ಹನುಮಂತಪ್ಪ, ರಾಜ್ಯ ಪ್ರಧಾನ ಕಾರ್ಯದರ್ಶಿಗಳಾಗಿ ಎಂ.ಕೆ. ರಾಜು ಅಯ್ಕೆಯಾದರು.
